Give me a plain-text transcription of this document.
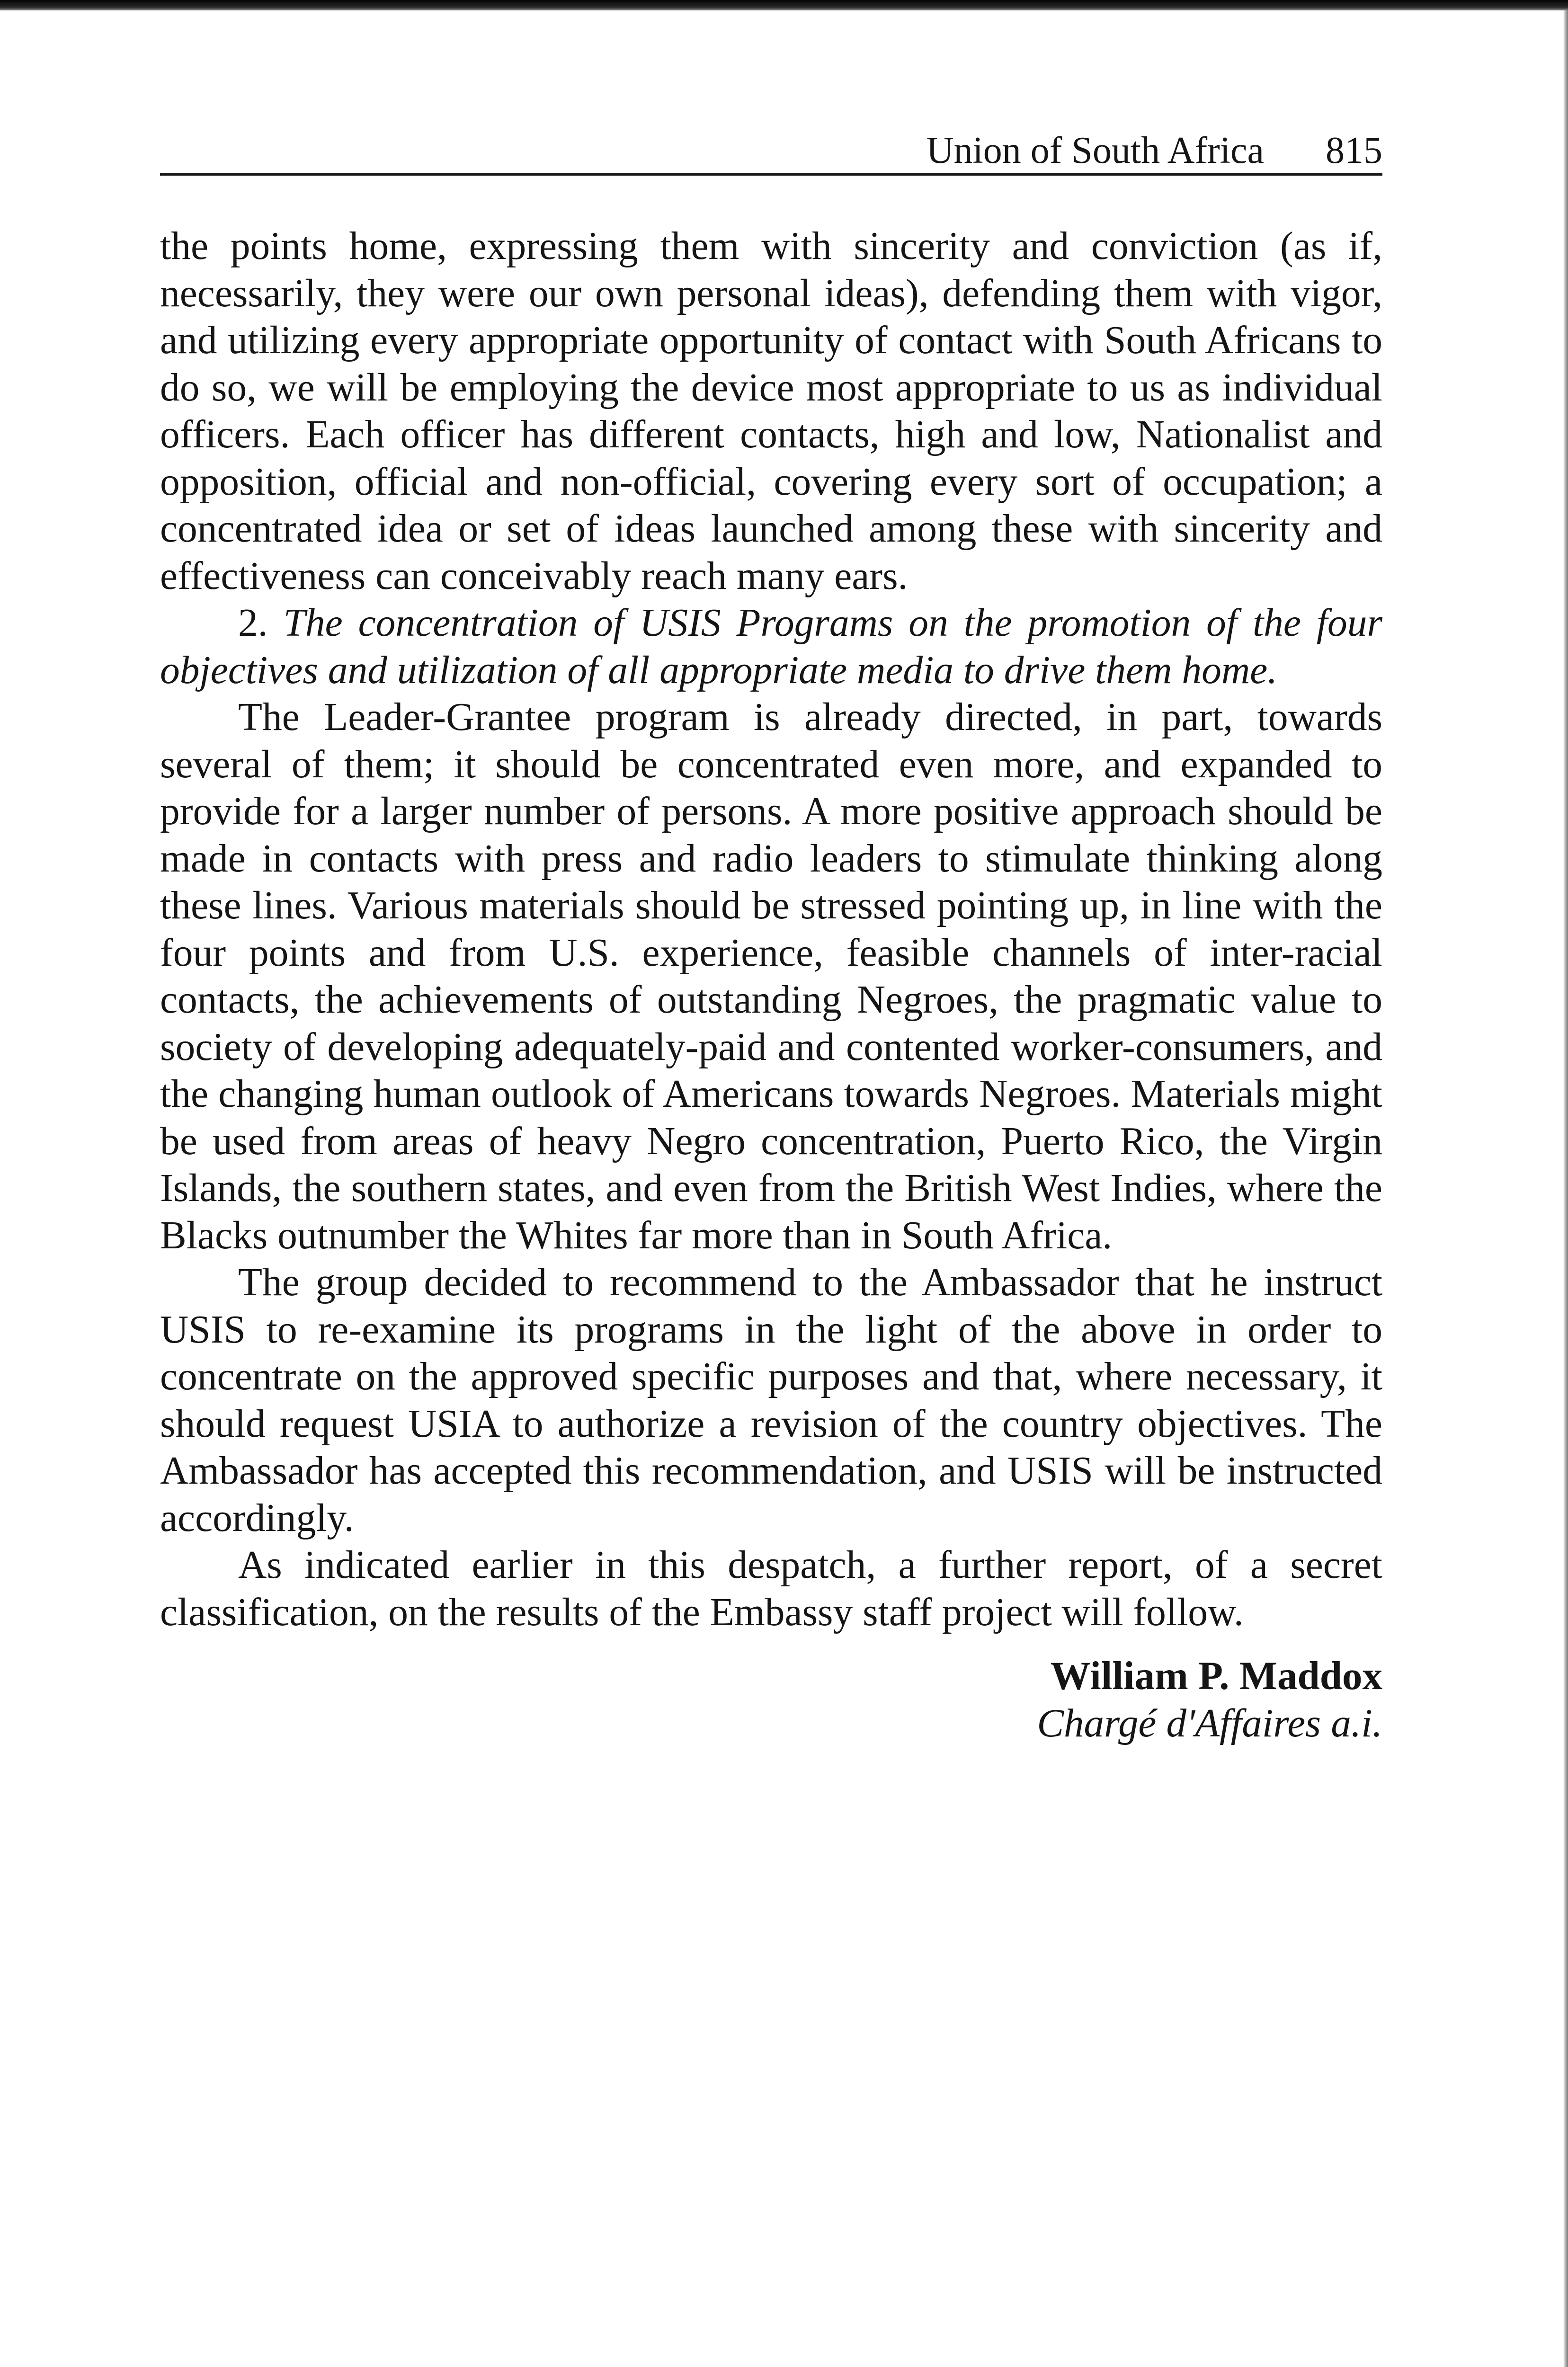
Union of South Africa 815

the points home, expressing them with sincerity and conviction (as if, necessarily, they were our own personal ideas), defending them with vigor, and utilizing every appropriate opportunity of contact with South Africans to do so, we will be employing the device most appropriate to us as individual officers. Each officer has different contacts, high and low, Nationalist and opposition, official and non-official, covering every sort of occupation; a concentrated idea or set of ideas launched among these with sincerity and effectiveness can conceivably reach many ears.

2. The concentration of USIS Programs on the promotion of the four objectives and utilization of all appropriate media to drive them home.

The Leader-Grantee program is already directed, in part, towards several of them; it should be concentrated even more, and expanded to provide for a larger number of persons. A more positive approach should be made in contacts with press and radio leaders to stimulate thinking along these lines. Various materials should be stressed pointing up, in line with the four points and from U.S. experience, feasible channels of inter-racial contacts, the achievements of outstanding Negroes, the pragmatic value to society of developing adequately-paid and contented worker-consumers, and the changing human outlook of Americans towards Negroes. Materials might be used from areas of heavy Negro concentration, Puerto Rico, the Virgin Islands, the southern states, and even from the British West Indies, where the Blacks outnumber the Whites far more than in South Africa.

The group decided to recommend to the Ambassador that he instruct USIS to re-examine its programs in the light of the above in order to concentrate on the approved specific purposes and that, where necessary, it should request USIA to authorize a revision of the country objectives. The Ambassador has accepted this recommendation, and USIS will be instructed accordingly.

As indicated earlier in this despatch, a further report, of a secret classification, on the results of the Embassy staff project will follow.

William P. Maddox
Chargé d'Affaires a.i.
